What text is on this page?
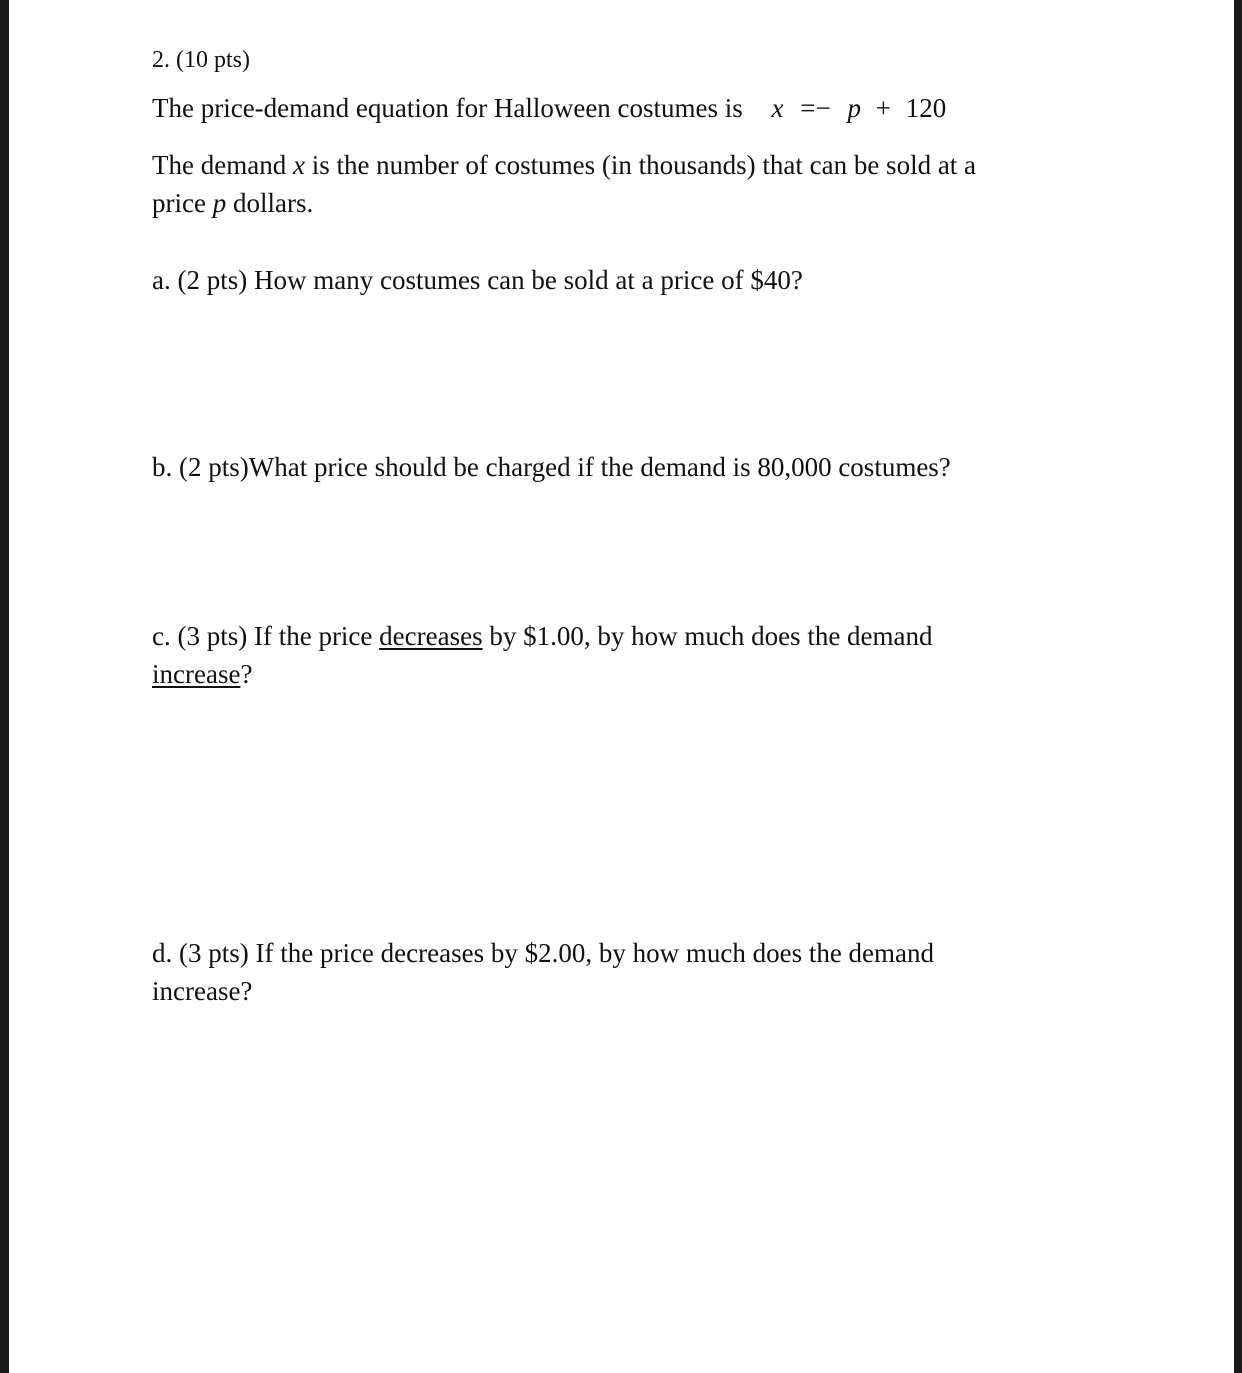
2. (10 pts)
The price-demand equation for Halloween costumes is x =− p + 120
The demand x is the number of costumes (in thousands) that can be sold at a
price p dollars.
a. (2 pts) How many costumes can be sold at a price of $40?
b. (2 pts)What price should be charged if the demand is 80,000 costumes?
c. (3 pts) If the price decreases by $1.00, by how much does the demand
increase?
d. (3 pts) If the price decreases by $2.00, by how much does the demand
increase?
